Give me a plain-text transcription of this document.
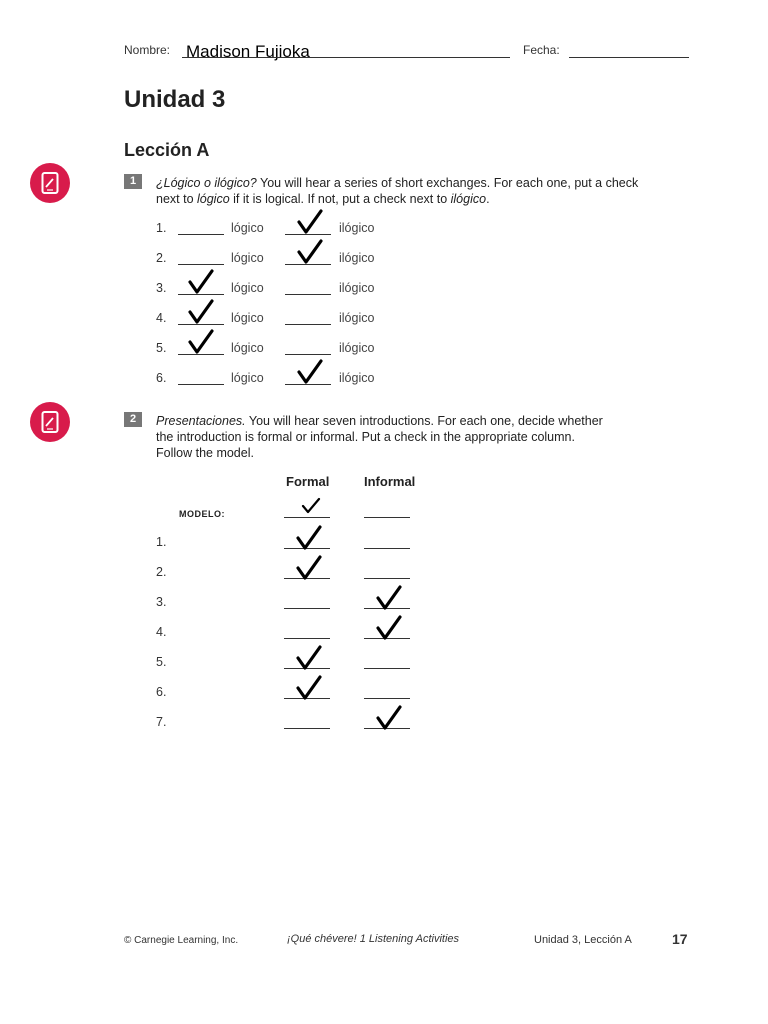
Nombre: Madison Fujioka	Fecha:
Unidad 3
Lección A
1	¿Lógico o ilógico? You will hear a series of short exchanges. For each one, put a check
next to lógico if it is logical. If not, put a check next to ilógico.
1.	lógico	ilógico
2.	lógico	ilógico
3.	lógico	ilógico
4.	lógico	ilógico
5.	lógico	ilógico
6.	lógico	ilógico
2	Presentaciones. You will hear seven introductions. For each one, decide whether
the introduction is formal or informal. Put a check in the appropriate column.
Follow the model.
Formal	Informal
MODELO:
1.
2.
3.
4.
5.
6.
7.
© Carnegie Learning, Inc.	¡Qué chévere! 1 Listening Activities	Unidad 3, Lección A	17
